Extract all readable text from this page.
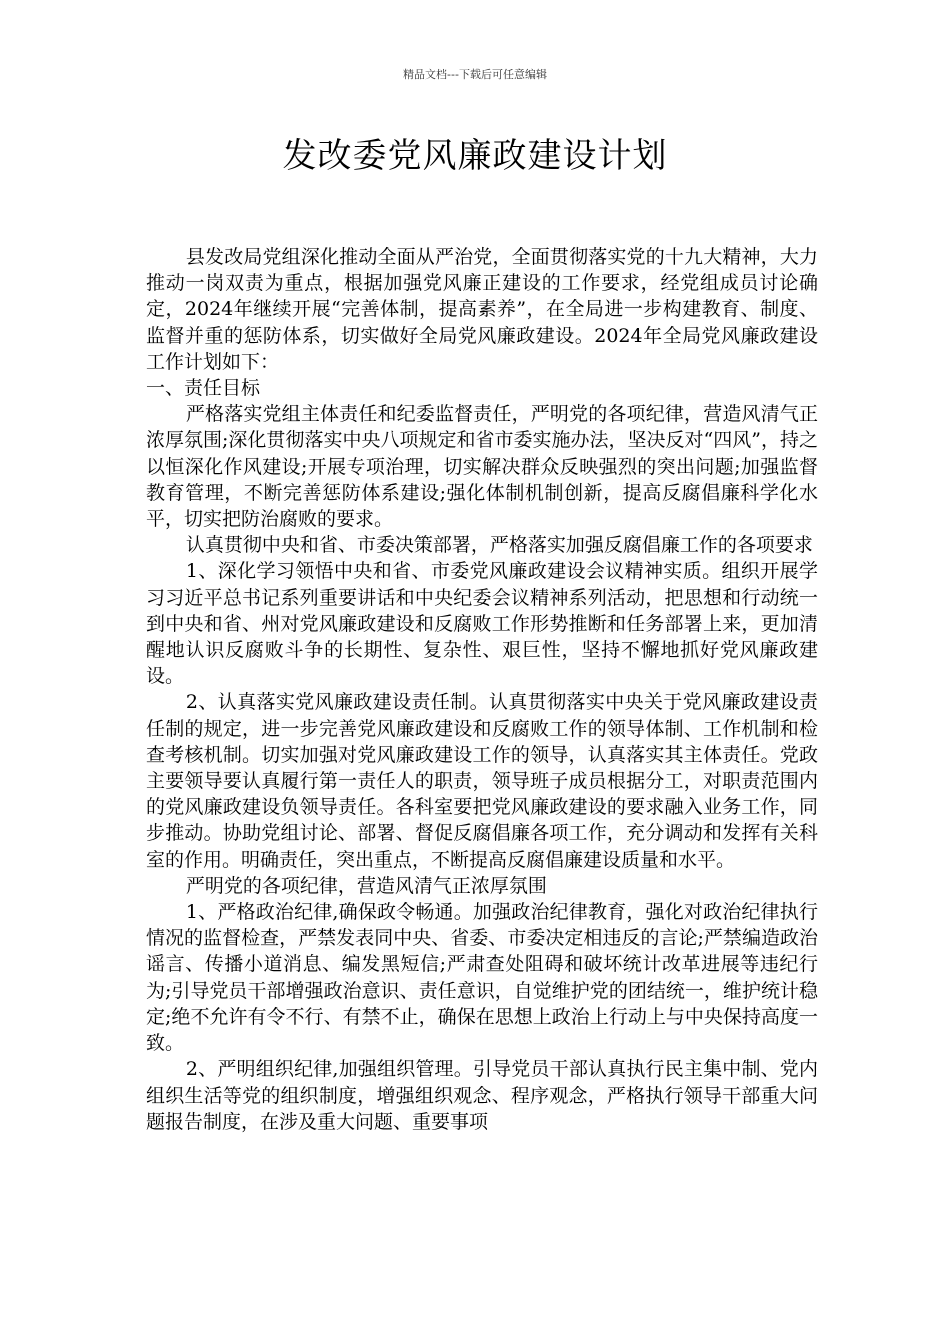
精品文档---下载后可任意编辑
发改委党风廉政建设计划

县发改局党组深化推动全面从严治党，全面贯彻落实党的十九大精神，大力推动一岗双责为重点，根据加强党风廉正建设的工作要求，经党组成员讨论确定，2024年继续开展“完善体制，提高素养”，在全局进一步构建教育、制度、监督并重的惩防体系，切实做好全局党风廉政建设。2024年全局党风廉政建设工作计划如下：

一、责任目标

严格落实党组主体责任和纪委监督责任，严明党的各项纪律，营造风清气正浓厚氛围;深化贯彻落实中央八项规定和省市委实施办法，坚决反对“四风”，持之以恒深化作风建设;开展专项治理，切实解决群众反映强烈的突出问题;加强监督教育管理，不断完善惩防体系建设;强化体制机制创新，提高反腐倡廉科学化水平，切实把防治腐败的要求。

认真贯彻中央和省、市委决策部署，严格落实加强反腐倡廉工作的各项要求

1、深化学习领悟中央和省、市委党风廉政建设会议精神实质。组织开展学习习近平总书记系列重要讲话和中央纪委会议精神系列活动，把思想和行动统一到中央和省、州对党风廉政建设和反腐败工作形势推断和任务部署上来，更加清醒地认识反腐败斗争的长期性、复杂性、艰巨性，坚持不懈地抓好党风廉政建设。

2、认真落实党风廉政建设责任制。认真贯彻落实中央关于党风廉政建设责任制的规定，进一步完善党风廉政建设和反腐败工作的领导体制、工作机制和检查考核机制。切实加强对党风廉政建设工作的领导，认真落实其主体责任。党政主要领导要认真履行第一责任人的职责，领导班子成员根据分工，对职责范围内的党风廉政建设负领导责任。各科室要把党风廉政建设的要求融入业务工作，同步推动。协助党组讨论、部署、督促反腐倡廉各项工作，充分调动和发挥有关科室的作用。明确责任，突出重点，不断提高反腐倡廉建设质量和水平。

严明党的各项纪律，营造风清气正浓厚氛围

1、严格政治纪律,确保政令畅通。加强政治纪律教育，强化对政治纪律执行情况的监督检查，严禁发表同中央、省委、市委决定相违反的言论;严禁编造政治谣言、传播小道消息、编发黑短信;严肃查处阻碍和破坏统计改革进展等违纪行为;引导党员干部增强政治意识、责任意识，自觉维护党的团结统一，维护统计稳定;绝不允许有令不行、有禁不止，确保在思想上政治上行动上与中央保持高度一致。

2、严明组织纪律,加强组织管理。引导党员干部认真执行民主集中制、党内组织生活等党的组织制度，增强组织观念、程序观念，严格执行领导干部重大问题报告制度，在涉及重大问题、重要事项
